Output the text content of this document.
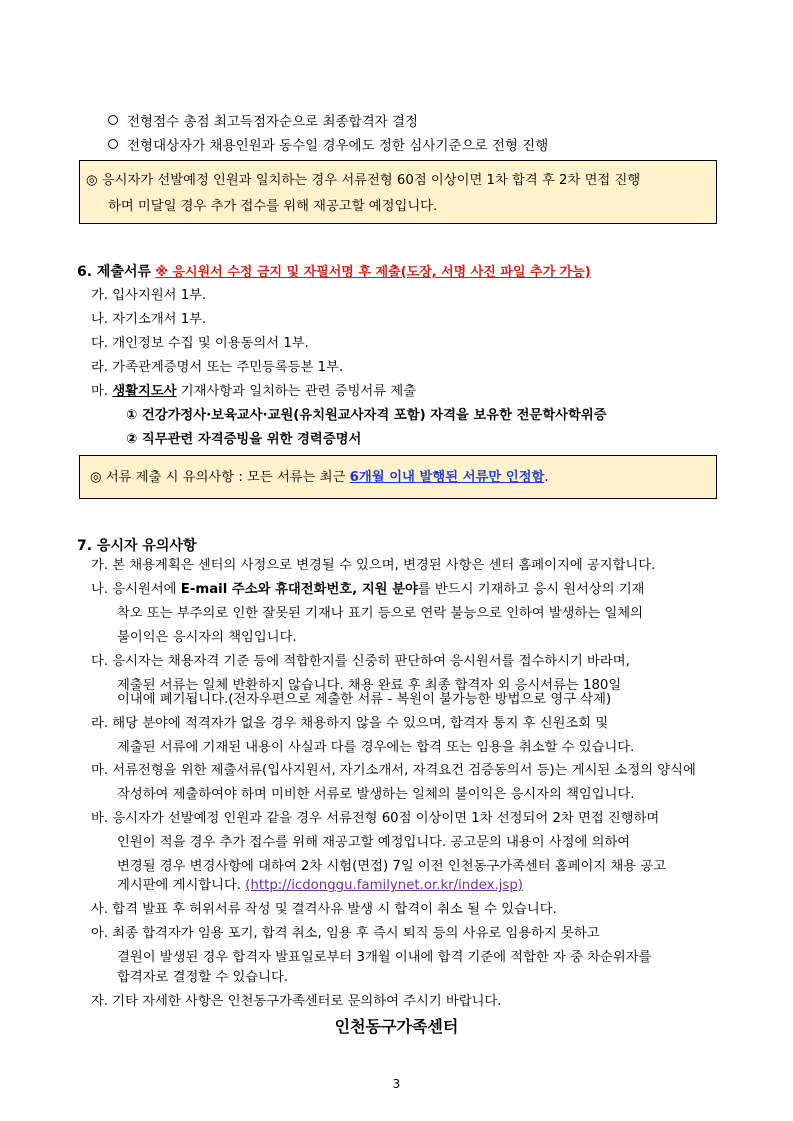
전형점수 총점 최고득점자순으로 최종합격자 결정
전형대상자가 채용인원과 동수일 경우에도 정한 심사기준으로 전형 진행
◎ 응시자가 선발예정 인원과 일치하는 경우 서류전형 60점 이상이면 1차 합격 후 2차 면접 진행
하며 미달일 경우 추가 접수를 위해 재공고할 예정입니다.
6. 제출서류 ※ 응시원서 수정 금지 및 자필서명 후 제출(도장, 서명 사진 파일 추가 가능)
가. 입사지원서 1부.
나. 자기소개서 1부.
다. 개인정보 수집 및 이용동의서 1부.
라. 가족관계증명서 또는 주민등록등본 1부.
마. 생활지도사 기재사항과 일치하는 관련 증빙서류 제출
① 건강가정사·보육교사·교원(유치원교사자격 포함) 자격을 보유한 전문학사학위증
② 직무관련 자격증빙을 위한 경력증명서
◎ 서류 제출 시 유의사항 : 모든 서류는 최근 6개월 이내 발행된 서류만 인정함.
7. 응시자 유의사항
가. 본 채용계획은 센터의 사정으로 변경될 수 있으며, 변경된 사항은 센터 홈페이지에 공지합니다.
나. 응시원서에 E-mail 주소와 휴대전화번호, 지원 분야를 반드시 기재하고 응시 원서상의 기재
착오 또는 부주의로 인한 잘못된 기재나 표기 등으로 연락 불능으로 인하여 발생하는 일체의
불이익은 응시자의 책임입니다.
다. 응시자는 채용자격 기준 등에 적합한지를 신중히 판단하여 응시원서를 접수하시기 바라며,
제출된 서류는 일체 반환하지 않습니다. 채용 완료 후 최종 합격자 외 응시서류는 180일
이내에 폐기됩니다.(전자우편으로 제출한 서류 - 복원이 불가능한 방법으로 영구 삭제)
라. 해당 분야에 적격자가 없을 경우 채용하지 않을 수 있으며, 합격자 통지 후 신원조회 및
제출된 서류에 기재된 내용이 사실과 다를 경우에는 합격 또는 임용을 취소할 수 있습니다.
마. 서류전형을 위한 제출서류(입사지원서, 자기소개서, 자격요건 검증동의서 등)는 게시된 소정의 양식에
작성하여 제출하여야 하며 미비한 서류로 발생하는 일체의 불이익은 응시자의 책임입니다.
바. 응시자가 선발예정 인원과 같을 경우 서류전형 60점 이상이면 1차 선정되어 2차 면접 진행하며
인원이 적을 경우 추가 접수를 위해 재공고할 예정입니다. 공고문의 내용이 사정에 의하여
변경될 경우 변경사항에 대하여 2차 시험(면접) 7일 이전 인천동구가족센터 홈페이지 채용 공고
게시판에 게시합니다. (http://icdonggu.familynet.or.kr/index.jsp)
사. 합격 발표 후 허위서류 작성 및 결격사유 발생 시 합격이 취소 될 수 있습니다.
아. 최종 합격자가 임용 포기, 합격 취소, 임용 후 즉시 퇴직 등의 사유로 임용하지 못하고
결원이 발생된 경우 합격자 발표일로부터 3개월 이내에 합격 기준에 적합한 자 중 차순위자를
합격자로 결정할 수 있습니다.
자. 기타 자세한 사항은 인천동구가족센터로 문의하여 주시기 바랍니다.
인천동구가족센터
3
